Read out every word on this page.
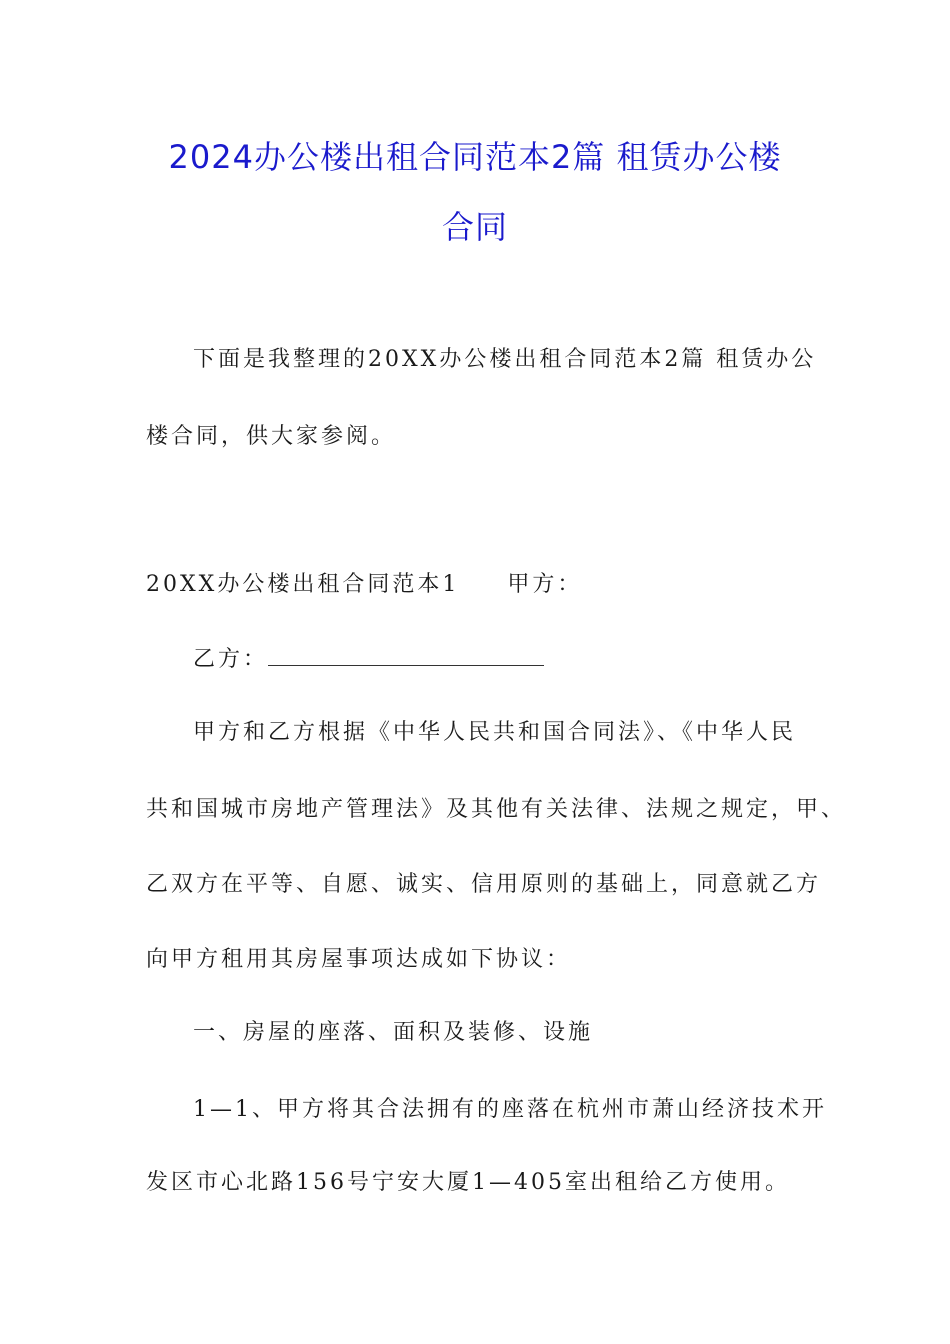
2024办公楼出租合同范本2篇 租赁办公楼
合同
下面是我整理的20XX办公楼出租合同范本2篇 租赁办公
楼合同，供大家参阅。
20XX办公楼出租合同范本1 甲方：
乙方：
甲方和乙方根据《中华人民共和国合同法》、《中华人民
共和国城市房地产管理法》及其他有关法律、法规之规定，甲、
乙双方在平等、自愿、诚实、信用原则的基础上，同意就乙方
向甲方租用其房屋事项达成如下协议：
一、房屋的座落、面积及装修、设施
1—1、甲方将其合法拥有的座落在杭州市萧山经济技术开
发区市心北路156号宁安大厦1—405室出租给乙方使用。
